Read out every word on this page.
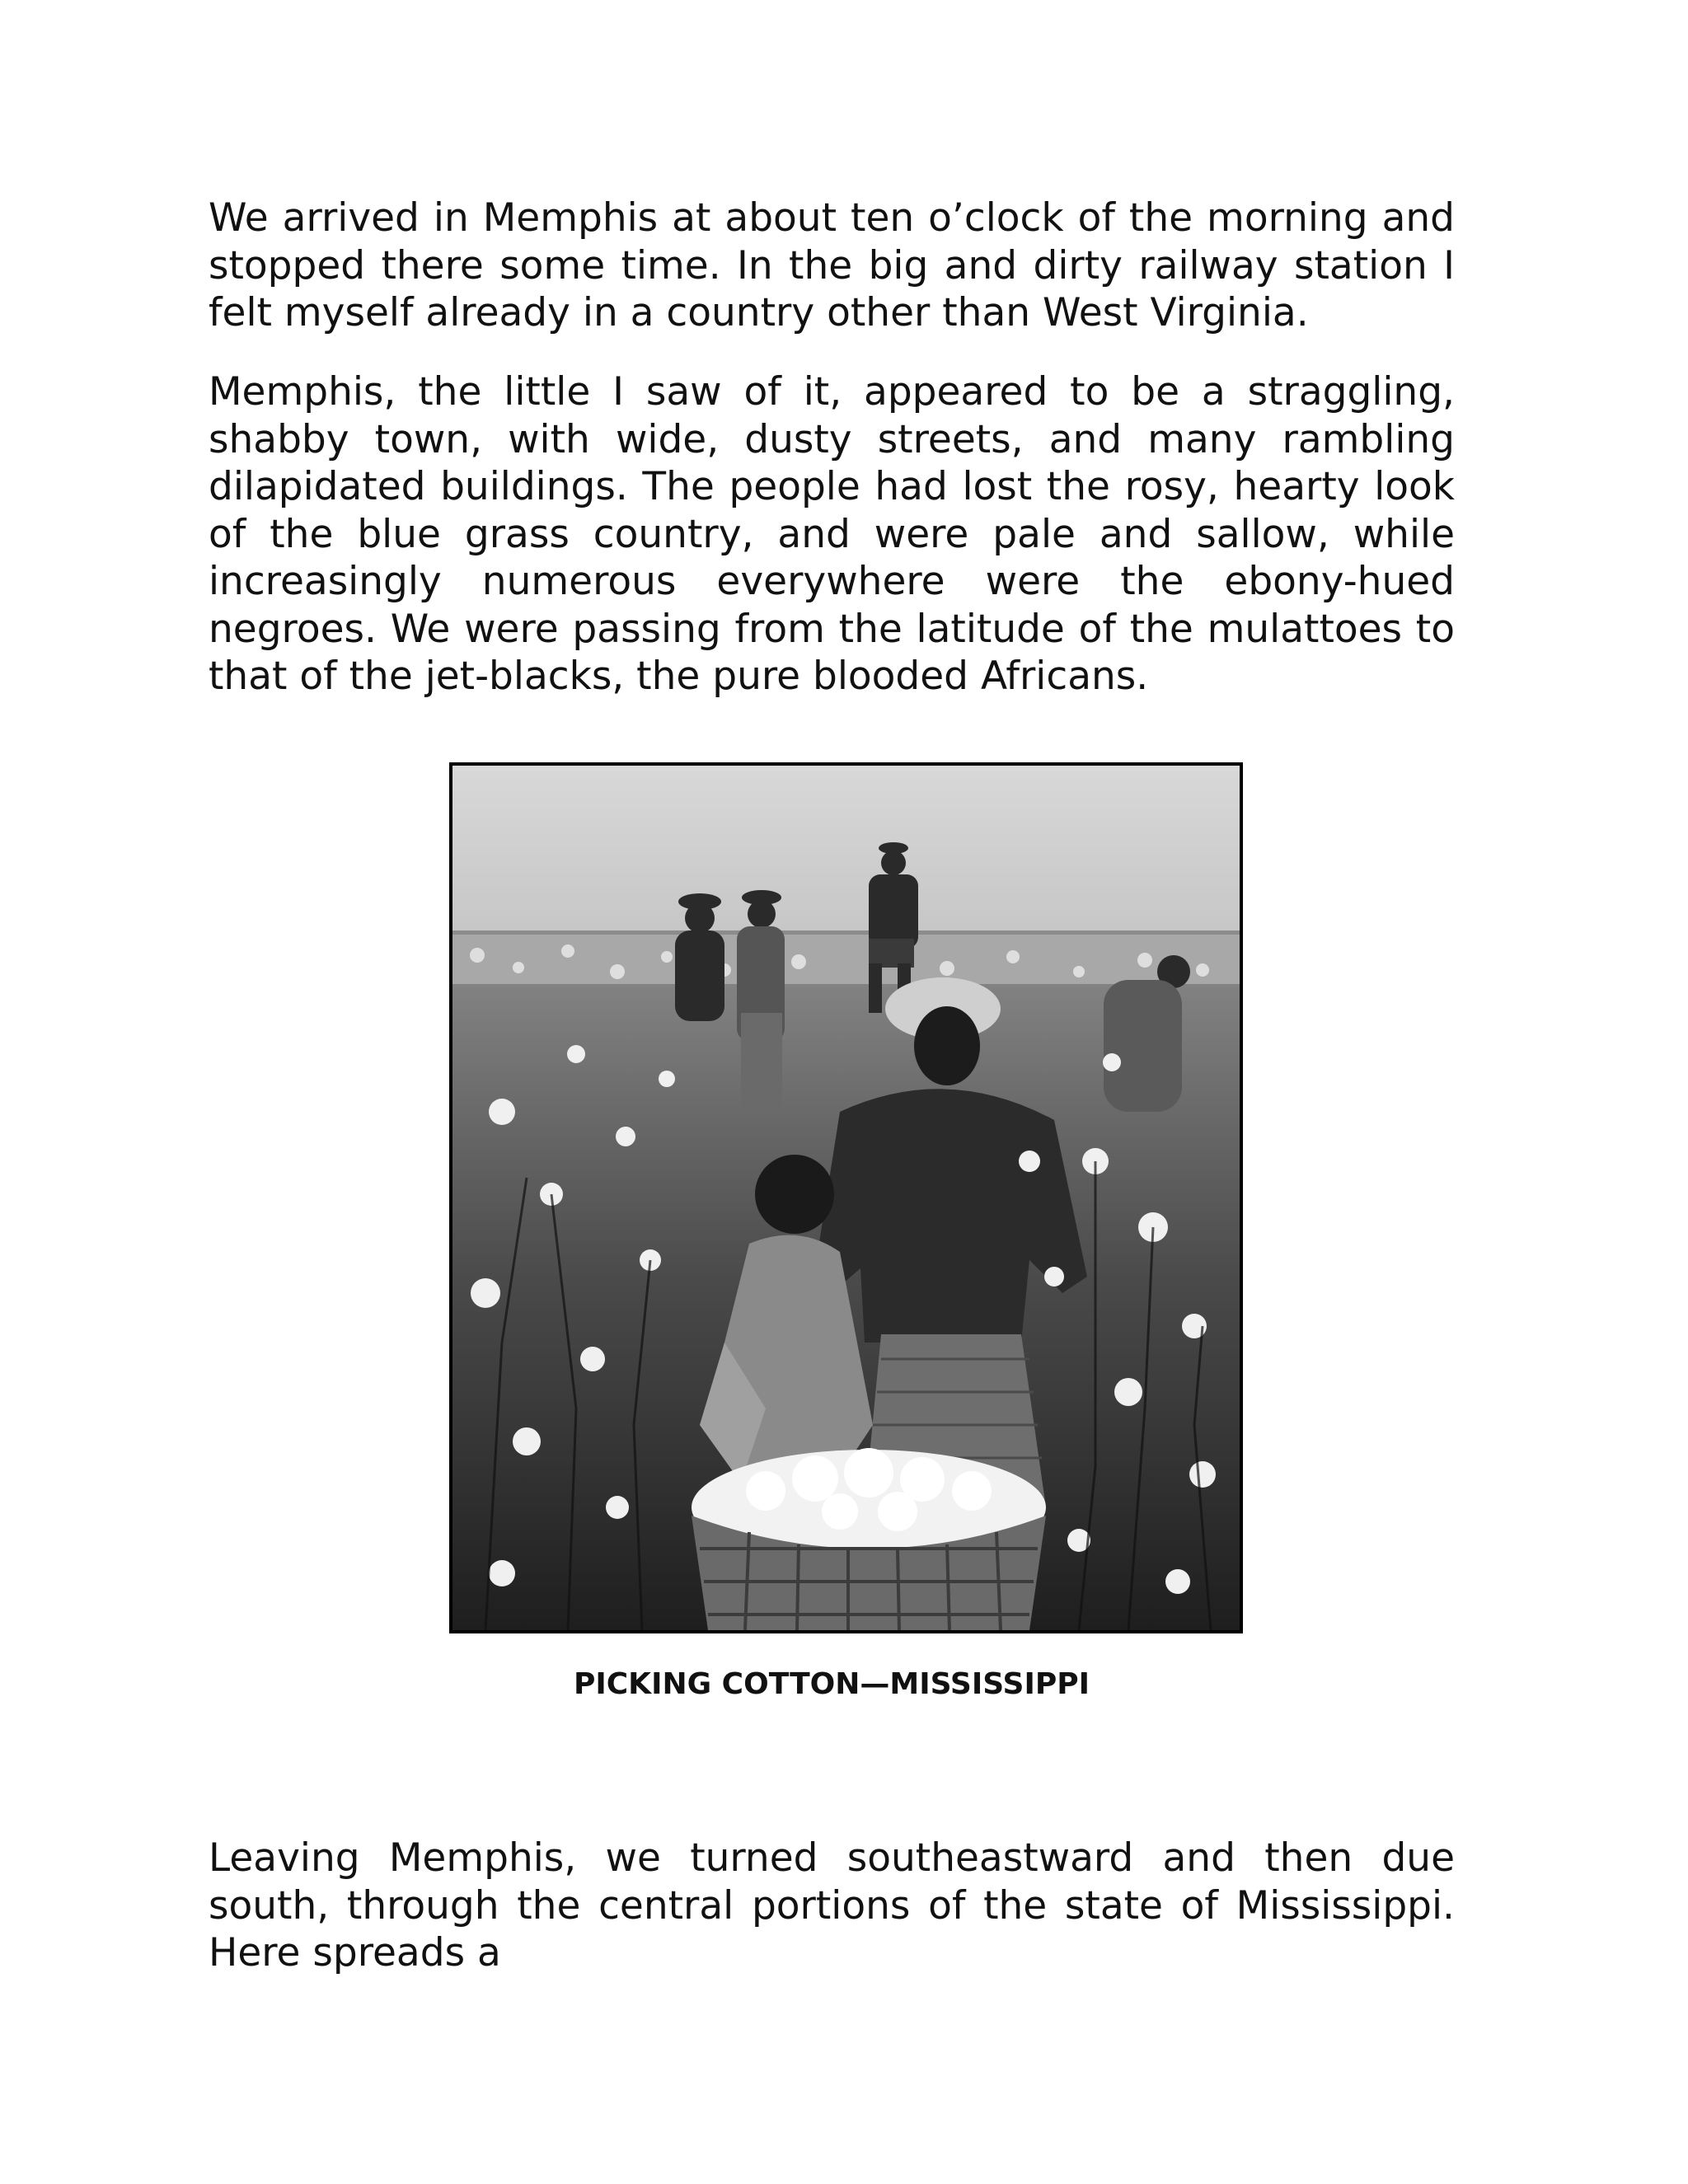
We arrived in Memphis at about ten o’clock of the morning and stopped there some time. In the big and dirty railway station I felt myself already in a country other than West Virginia.

Memphis, the little I saw of it, appeared to be a straggling, shabby town, with wide, dusty streets, and many rambling dilapidated buildings. The people had lost the rosy, hearty look of the blue grass country, and were pale and sallow, while increasingly numerous everywhere were the ebony-hued negroes. We were passing from the latitude of the mulattoes to that of the jet-blacks, the pure blooded Africans.

PICKING COTTON—MISSISSIPPI

Leaving Memphis, we turned southeastward and then due south, through the central portions of the state of Mississippi. Here spreads a
